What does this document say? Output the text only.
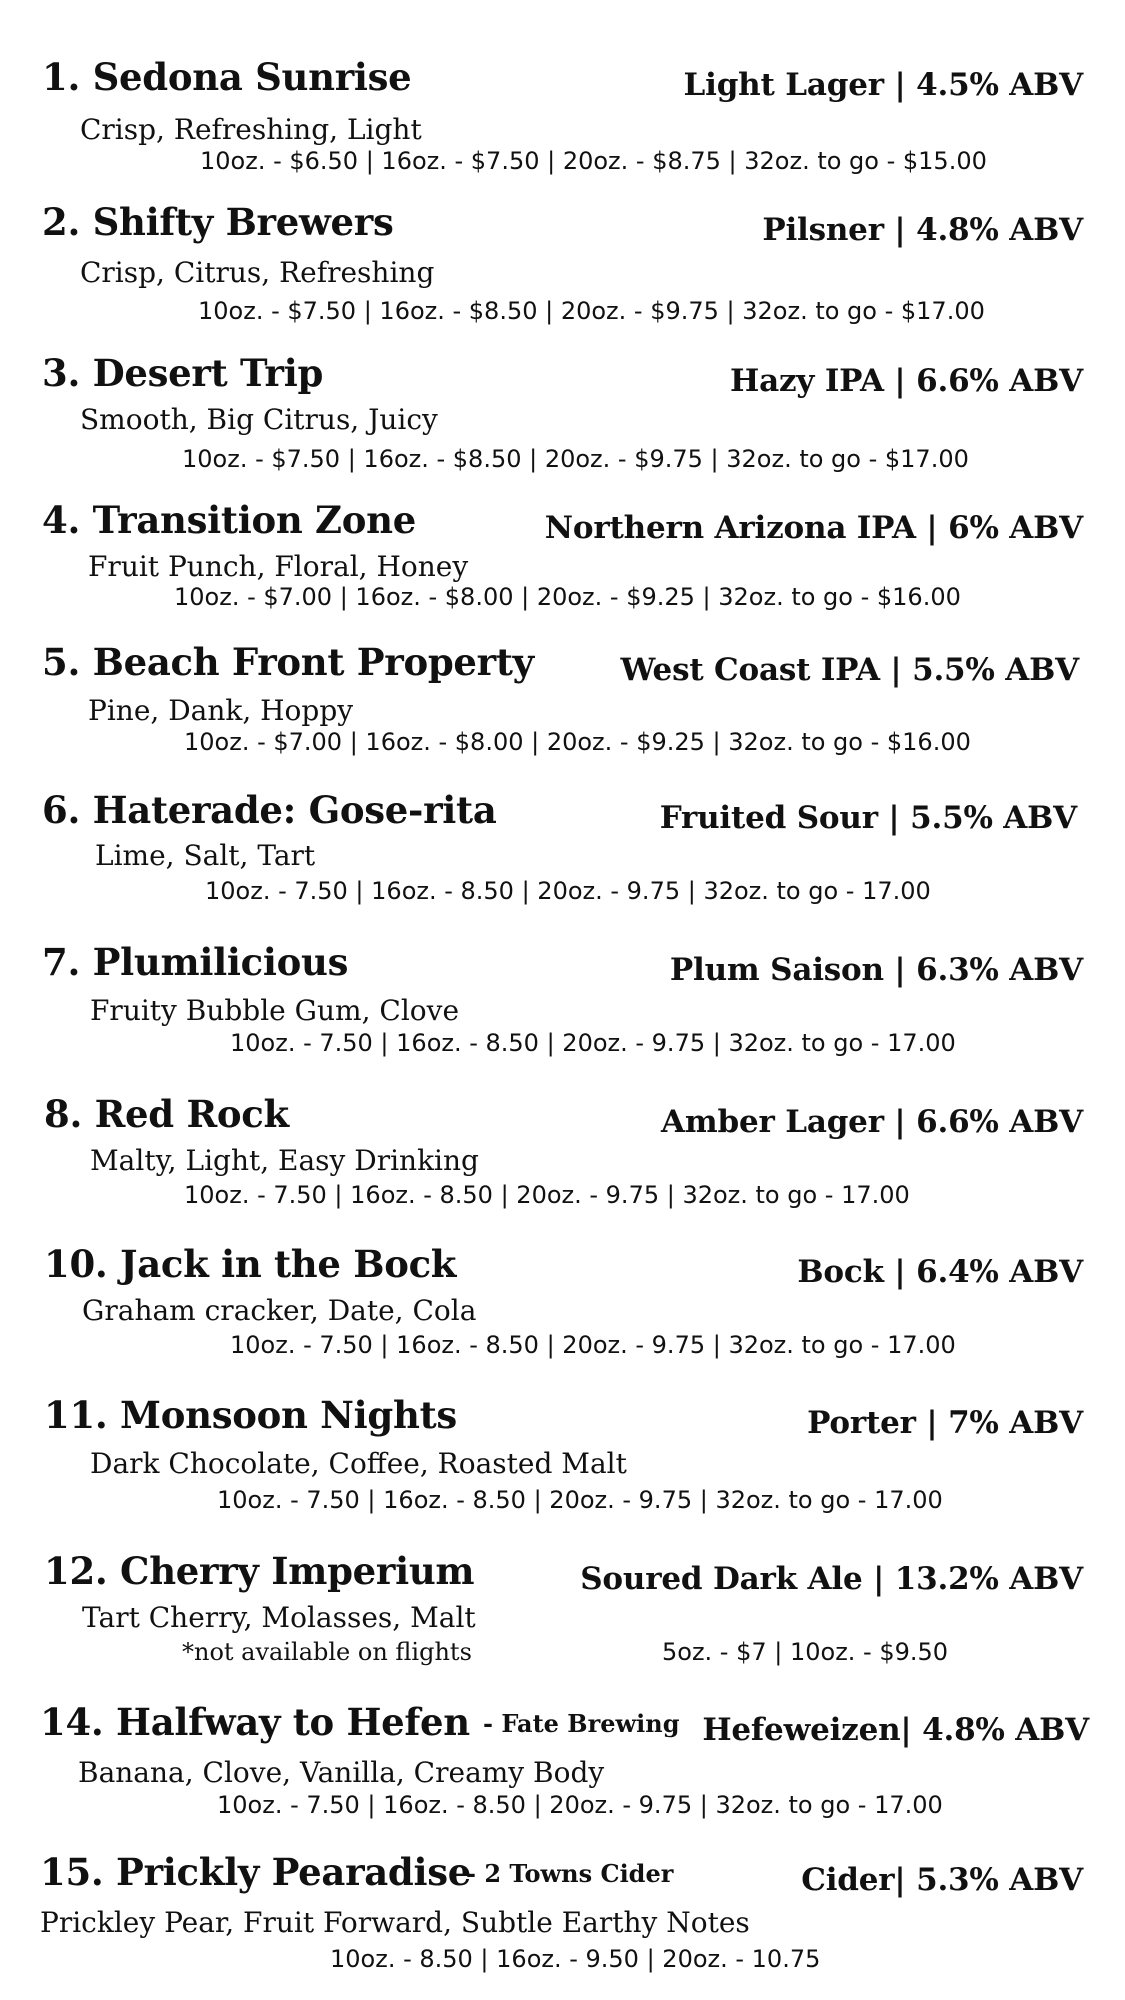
1. Sedona Sunrise	Light Lager | 4.5% ABV
Crisp, Refreshing, Light
10oz. - $6.50 | 16oz. - $7.50 | 20oz. - $8.75 | 32oz. to go - $15.00
2. Shifty Brewers	Pilsner | 4.8% ABV
Crisp, Citrus, Refreshing
10oz. - $7.50 | 16oz. - $8.50 | 20oz. - $9.75 | 32oz. to go - $17.00
3. Desert Trip	Hazy IPA | 6.6% ABV
Smooth, Big Citrus, Juicy
10oz. - $7.50 | 16oz. - $8.50 | 20oz. - $9.75 | 32oz. to go - $17.00
4. Transition Zone	Northern Arizona IPA | 6% ABV
Fruit Punch, Floral, Honey
10oz. - $7.00 | 16oz. - $8.00 | 20oz. - $9.25 | 32oz. to go - $16.00
5. Beach Front Property	West Coast IPA | 5.5% ABV
Pine, Dank, Hoppy
10oz. - $7.00 | 16oz. - $8.00 | 20oz. - $9.25 | 32oz. to go - $16.00
6. Haterade: Gose-rita	Fruited Sour | 5.5% ABV
Lime, Salt, Tart
10oz. - 7.50 | 16oz. - 8.50 | 20oz. - 9.75 | 32oz. to go - 17.00
7. Plumilicious	Plum Saison | 6.3% ABV
Fruity Bubble Gum, Clove
10oz. - 7.50 | 16oz. - 8.50 | 20oz. - 9.75 | 32oz. to go - 17.00
8. Red Rock	Amber Lager | 6.6% ABV
Malty, Light, Easy Drinking
10oz. - 7.50 | 16oz. - 8.50 | 20oz. - 9.75 | 32oz. to go - 17.00
10. Jack in the Bock	Bock | 6.4% ABV
Graham cracker, Date, Cola
10oz. - 7.50 | 16oz. - 8.50 | 20oz. - 9.75 | 32oz. to go - 17.00
11. Monsoon Nights	Porter | 7% ABV
Dark Chocolate, Coffee, Roasted Malt
10oz. - 7.50 | 16oz. - 8.50 | 20oz. - 9.75 | 32oz. to go - 17.00
12. Cherry Imperium	Soured Dark Ale | 13.2% ABV
Tart Cherry, Molasses, Malt
*not available on flights	5oz. - $7 | 10oz. - $9.50
14. Halfway to Hefen - Fate Brewing Hefeweizen| 4.8% ABV
Banana, Clove, Vanilla, Creamy Body
10oz. - 7.50 | 16oz. - 8.50 | 20oz. - 9.75 | 32oz. to go - 17.00
15. Prickly Pearadise
- 2 Towns Cider	Cider| 5.3% ABV
Prickley Pear, Fruit Forward, Subtle Earthy Notes
10oz. - 8.50 | 16oz. - 9.50 | 20oz. - 10.75
